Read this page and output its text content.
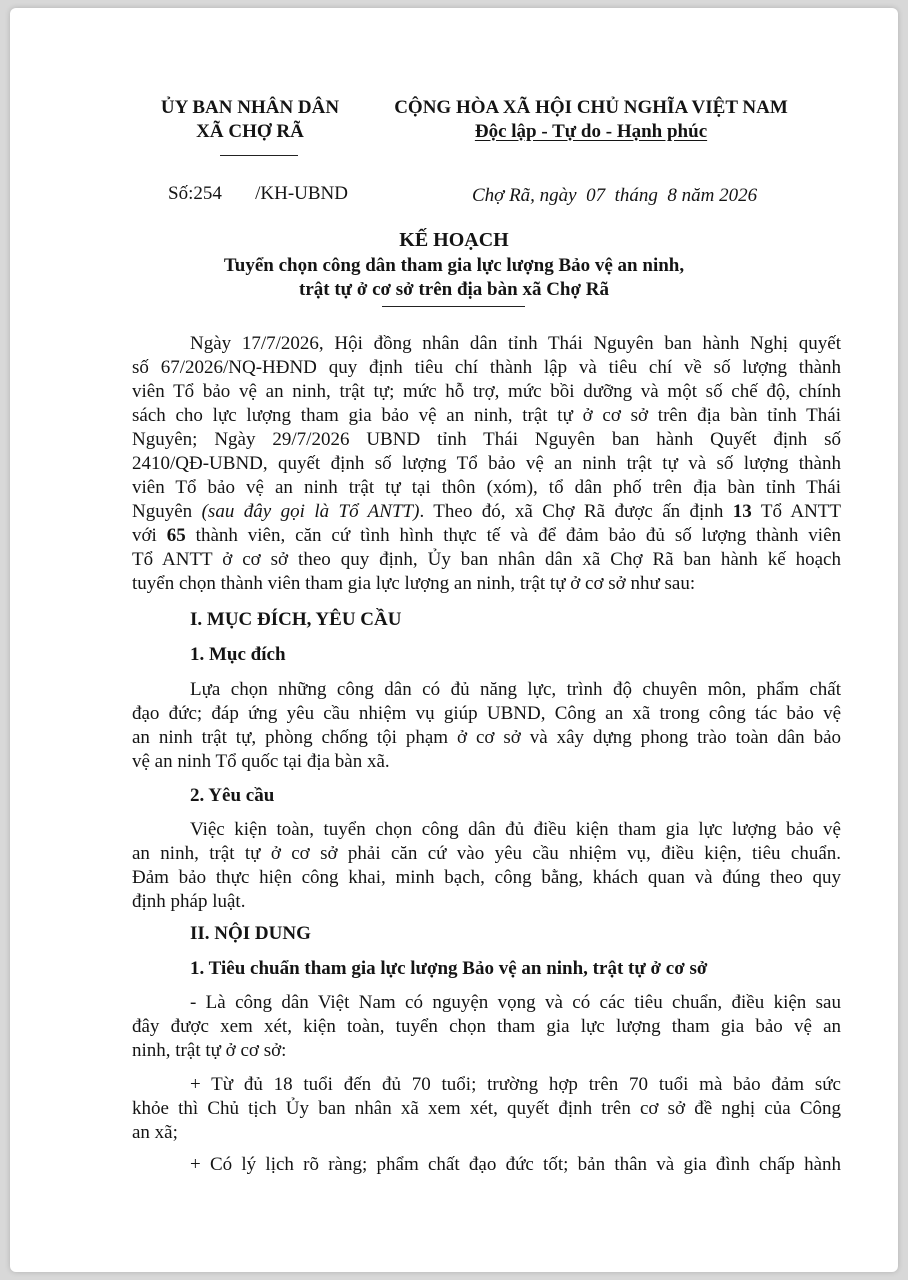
ỦY BAN NHÂN DÂN
XÃ CHỢ RÃ
CỘNG HÒA XÃ HỘI CHỦ NGHĨA VIỆT NAM
Độc lập - Tự do - Hạnh phúc
Số:254       /KH-UBND	Chợ Rã, ngày  07  tháng  8 năm 2026
KẾ HOẠCH
Tuyển chọn công dân tham gia lực lượng Bảo vệ an ninh,
trật tự ở cơ sở trên địa bàn xã Chợ Rã
Ngày 17/7/2026, Hội đồng nhân dân tỉnh Thái Nguyên ban hành Nghị quyết
số 67/2026/NQ-HĐND quy định tiêu chí thành lập và tiêu chí về số lượng thành
viên Tổ bảo vệ an ninh, trật tự; mức hỗ trợ, mức bồi dưỡng và một số chế độ, chính
sách cho lực lượng tham gia bảo vệ an ninh, trật tự ở cơ sở trên địa bàn tỉnh Thái
Nguyên; Ngày 29/7/2026 UBND tỉnh Thái Nguyên ban hành Quyết định số
2410/QĐ-UBND, quyết định số lượng Tổ bảo vệ an ninh trật tự và số lượng thành
viên Tổ bảo vệ an ninh trật tự tại thôn (xóm), tổ dân phố trên địa bàn tỉnh Thái
Nguyên (sau đây gọi là Tổ ANTT). Theo đó, xã Chợ Rã được ấn định 13 Tổ ANTT
với 65 thành viên, căn cứ tình hình thực tế và để đảm bảo đủ số lượng thành viên
Tổ ANTT ở cơ sở theo quy định, Ủy ban nhân dân xã Chợ Rã ban hành kế hoạch
tuyển chọn thành viên tham gia lực lượng an ninh, trật tự ở cơ sở như sau:
I. MỤC ĐÍCH, YÊU CẦU
1. Mục đích
Lựa chọn những công dân có đủ năng lực, trình độ chuyên môn, phẩm chất
đạo đức; đáp ứng yêu cầu nhiệm vụ giúp UBND, Công an xã trong công tác bảo vệ
an ninh trật tự, phòng chống tội phạm ở cơ sở và xây dựng phong trào toàn dân bảo
vệ an ninh Tổ quốc tại địa bàn xã.
2. Yêu cầu
Việc kiện toàn, tuyển chọn công dân đủ điều kiện tham gia lực lượng bảo vệ
an ninh, trật tự ở cơ sở phải căn cứ vào yêu cầu nhiệm vụ, điều kiện, tiêu chuẩn.
Đảm bảo thực hiện công khai, minh bạch, công bằng, khách quan và đúng theo quy
định pháp luật.
II. NỘI DUNG
1. Tiêu chuẩn tham gia lực lượng Bảo vệ an ninh, trật tự ở cơ sở
- Là công dân Việt Nam có nguyện vọng và có các tiêu chuẩn, điều kiện sau
đây được xem xét, kiện toàn, tuyển chọn tham gia lực lượng tham gia bảo vệ an
ninh, trật tự ở cơ sở:
+ Từ đủ 18 tuổi đến đủ 70 tuổi; trường hợp trên 70 tuổi mà bảo đảm sức
khỏe thì Chủ tịch Ủy ban nhân xã xem xét, quyết định trên cơ sở đề nghị của Công
an xã;
+ Có lý lịch rõ ràng; phẩm chất đạo đức tốt; bản thân và gia đình chấp hành
